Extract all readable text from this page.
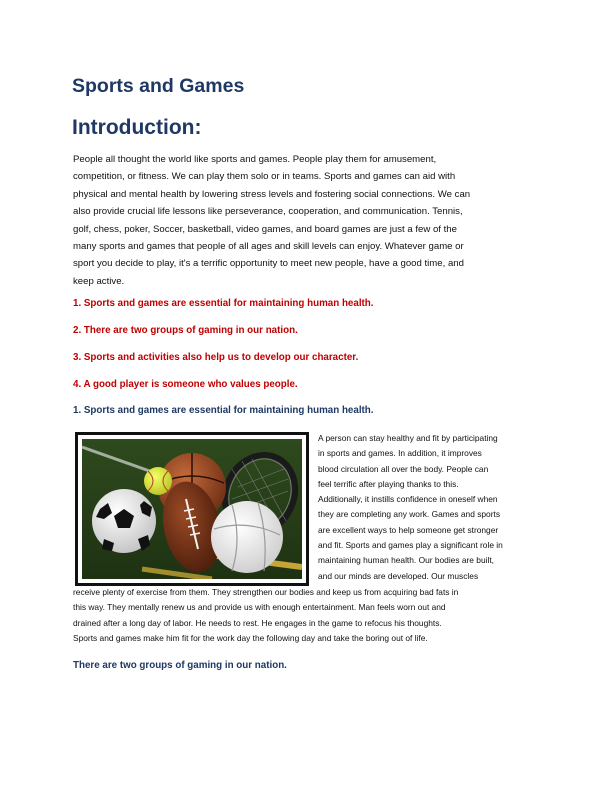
Sports and Games
Introduction:

People all thought the world like sports and games. People play them for amusement,
competition, or fitness. We can play them solo or in teams. Sports and games can aid with
physical and mental health by lowering stress levels and fostering social connections. We can
also provide crucial life lessons like perseverance, cooperation, and communication. Tennis,
golf, chess, poker, Soccer, basketball, video games, and board games are just a few of the
many sports and games that people of all ages and skill levels can enjoy. Whatever game or
sport you decide to play, it's a terrific opportunity to meet new people, have a good time, and
keep active.

1. Sports and games are essential for maintaining human health.

2. There are two groups of gaming in our nation.

3. Sports and activities also help us to develop our character.

4. A good player is someone who values people.

1. Sports and games are essential for maintaining human health.

A person can stay healthy and fit by participating
in sports and games. In addition, it improves
blood circulation all over the body. People can
feel terrific after playing thanks to this.
Additionally, it instills confidence in oneself when
they are completing any work. Games and sports
are excellent ways to help someone get stronger
and fit. Sports and games play a significant role in
maintaining human health. Our bodies are built,
and our minds are developed. Our muscles

receive plenty of exercise from them. They strengthen our bodies and keep us from acquiring bad fats in
this way. They mentally renew us and provide us with enough entertainment. Man feels worn out and
drained after a long day of labor. He needs to rest. He engages in the game to refocus his thoughts.
Sports and games make him fit for the work day the following day and take the boring out of life.

There are two groups of gaming in our nation.
